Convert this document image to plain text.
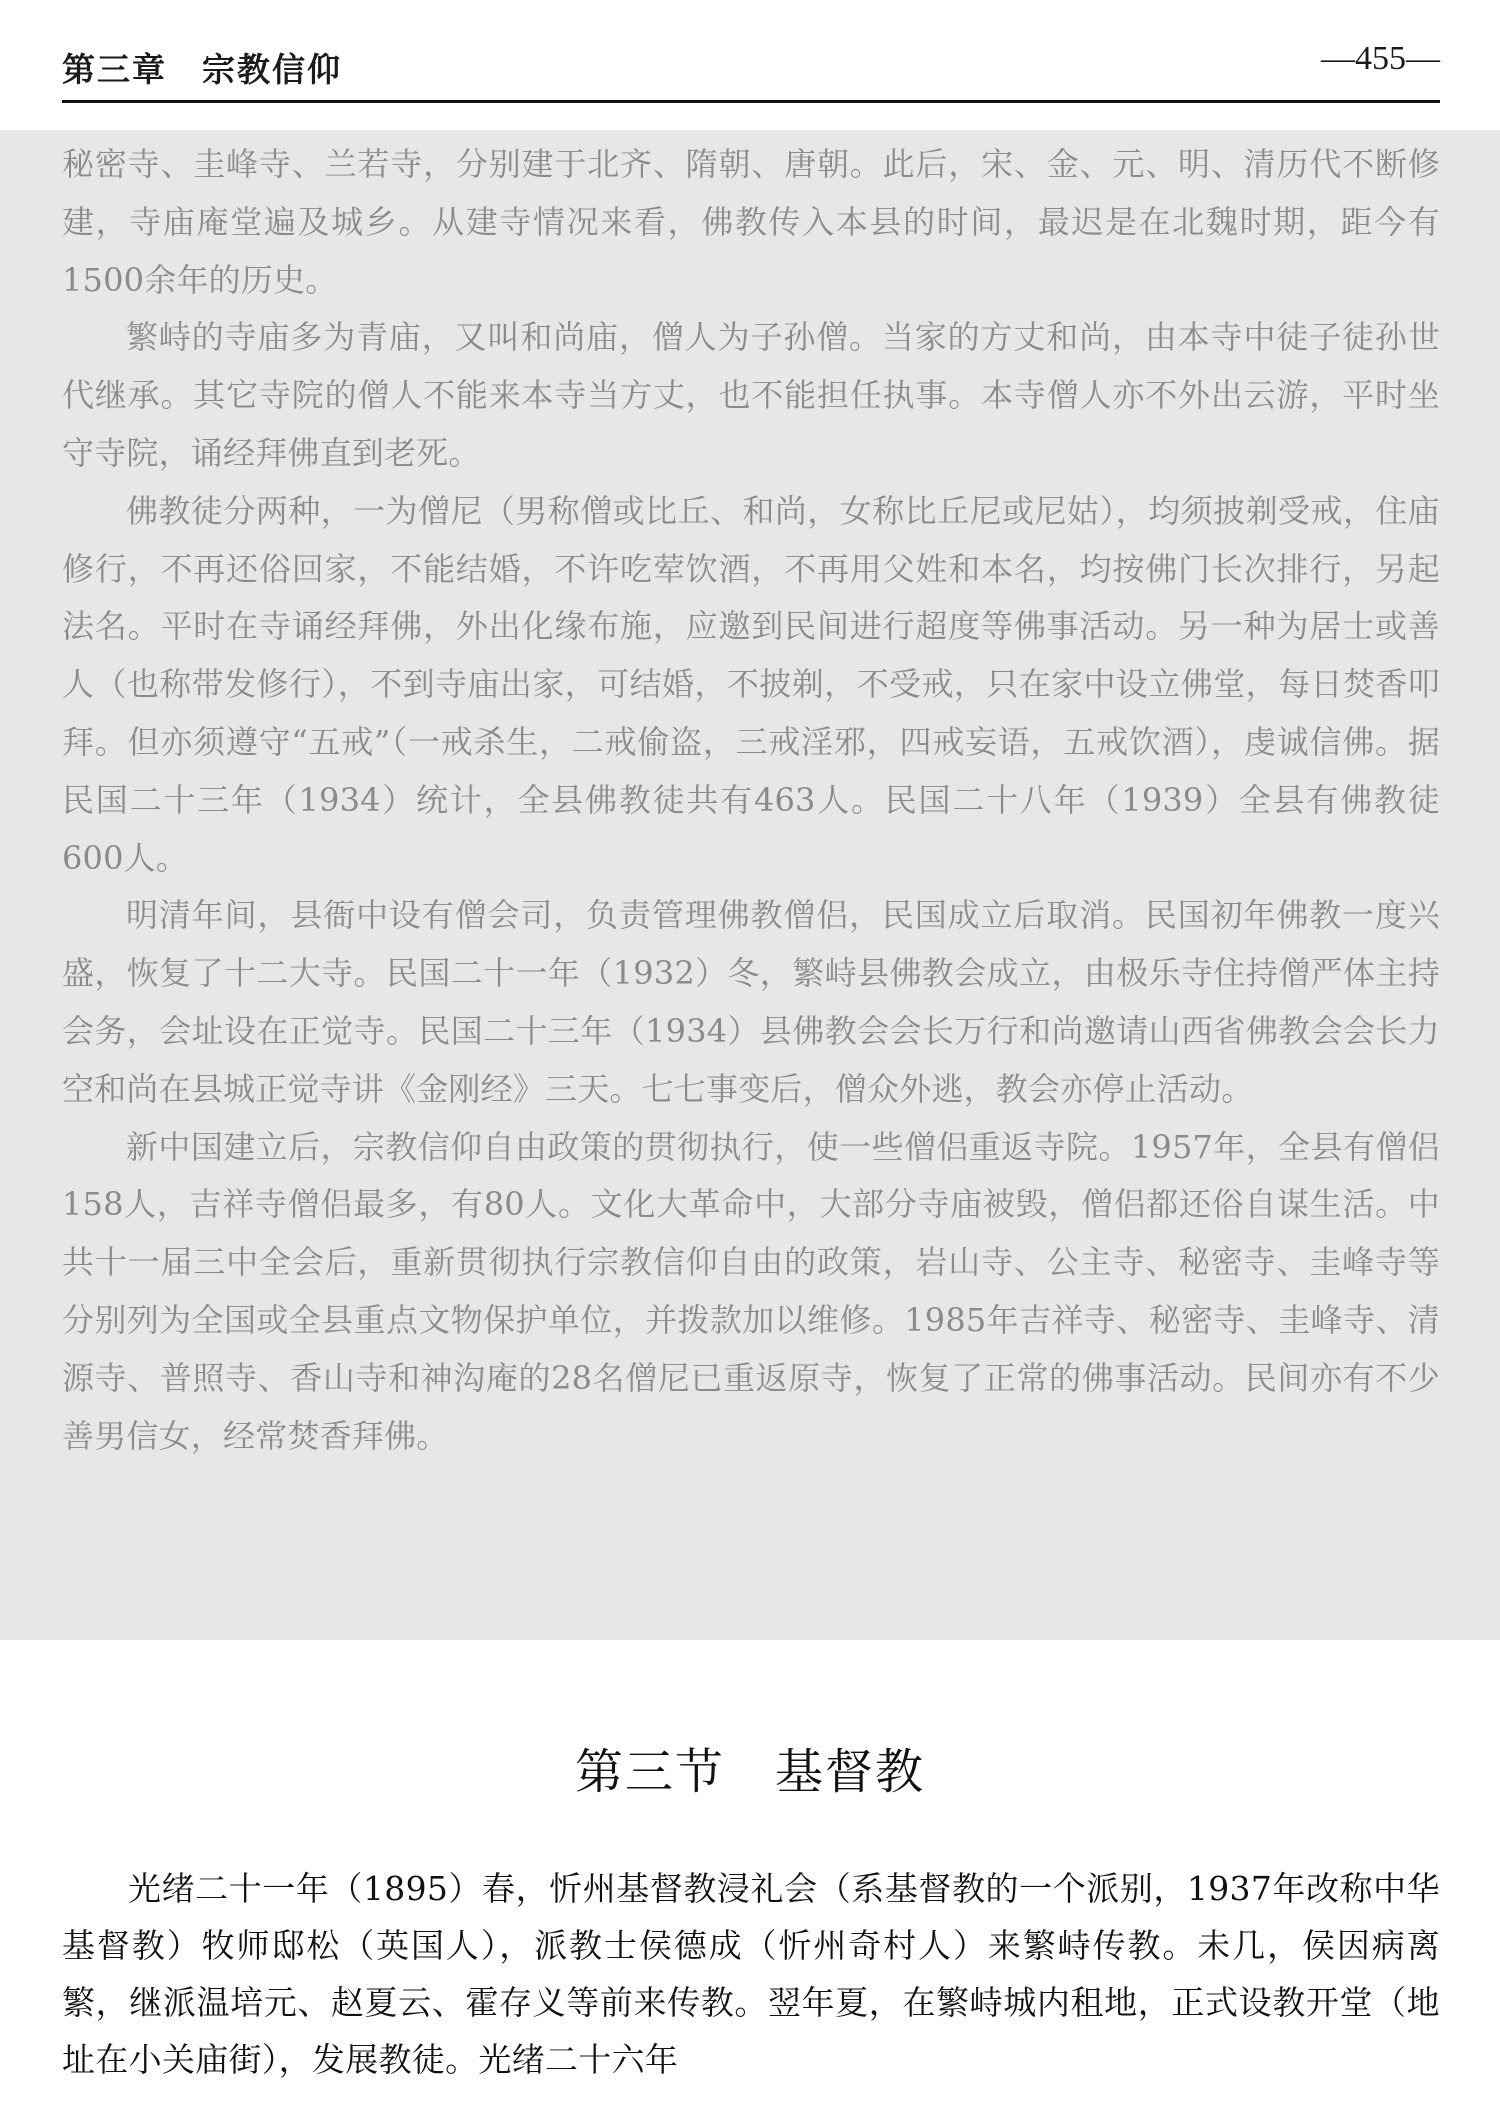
第三章　宗教信仰	—455—

秘密寺、圭峰寺、兰若寺，分别建于北齐、隋朝、唐朝。此后，宋、金、元、明、清历代不断修建，寺庙庵堂遍及城乡。从建寺情况来看，佛教传入本县的时间，最迟是在北魏时期，距今有1500余年的历史。

繁峙的寺庙多为青庙，又叫和尚庙，僧人为子孙僧。当家的方丈和尚，由本寺中徒子徒孙世代继承。其它寺院的僧人不能来本寺当方丈，也不能担任执事。本寺僧人亦不外出云游，平时坐守寺院，诵经拜佛直到老死。

佛教徒分两种，一为僧尼（男称僧或比丘、和尚，女称比丘尼或尼姑），均须披剃受戒，住庙修行，不再还俗回家，不能结婚，不许吃荤饮酒，不再用父姓和本名，均按佛门长次排行，另起法名。平时在寺诵经拜佛，外出化缘布施，应邀到民间进行超度等佛事活动。另一种为居士或善人（也称带发修行），不到寺庙出家，可结婚，不披剃，不受戒，只在家中设立佛堂，每日焚香叩拜。但亦须遵守“五戒”（一戒杀生，二戒偷盗，三戒淫邪，四戒妄语，五戒饮酒），虔诚信佛。据民国二十三年（1934）统计，全县佛教徒共有463人。民国二十八年（1939）全县有佛教徒600人。

明清年间，县衙中设有僧会司，负责管理佛教僧侣，民国成立后取消。民国初年佛教一度兴盛，恢复了十二大寺。民国二十一年（1932）冬，繁峙县佛教会成立，由极乐寺住持僧严体主持会务，会址设在正觉寺。民国二十三年（1934）县佛教会会长万行和尚邀请山西省佛教会会长力空和尚在县城正觉寺讲《金刚经》三天。七七事变后，僧众外逃，教会亦停止活动。

新中国建立后，宗教信仰自由政策的贯彻执行，使一些僧侣重返寺院。1957年，全县有僧侣158人，吉祥寺僧侣最多，有80人。文化大革命中，大部分寺庙被毁，僧侣都还俗自谋生活。中共十一届三中全会后，重新贯彻执行宗教信仰自由的政策，岩山寺、公主寺、秘密寺、圭峰寺等分别列为全国或全县重点文物保护单位，并拨款加以维修。1985年吉祥寺、秘密寺、圭峰寺、清源寺、普照寺、香山寺和神沟庵的28名僧尼已重返原寺，恢复了正常的佛事活动。民间亦有不少善男信女，经常焚香拜佛。

第三节　基督教

光绪二十一年（1895）春，忻州基督教浸礼会（系基督教的一个派别，1937年改称中华基督教）牧师邸松（英国人），派教士侯德成（忻州奇村人）来繁峙传教。未几，侯因病离繁，继派温培元、赵夏云、霍存义等前来传教。翌年夏，在繁峙城内租地，正式设教开堂（地址在小关庙街），发展教徒。光绪二十六年
